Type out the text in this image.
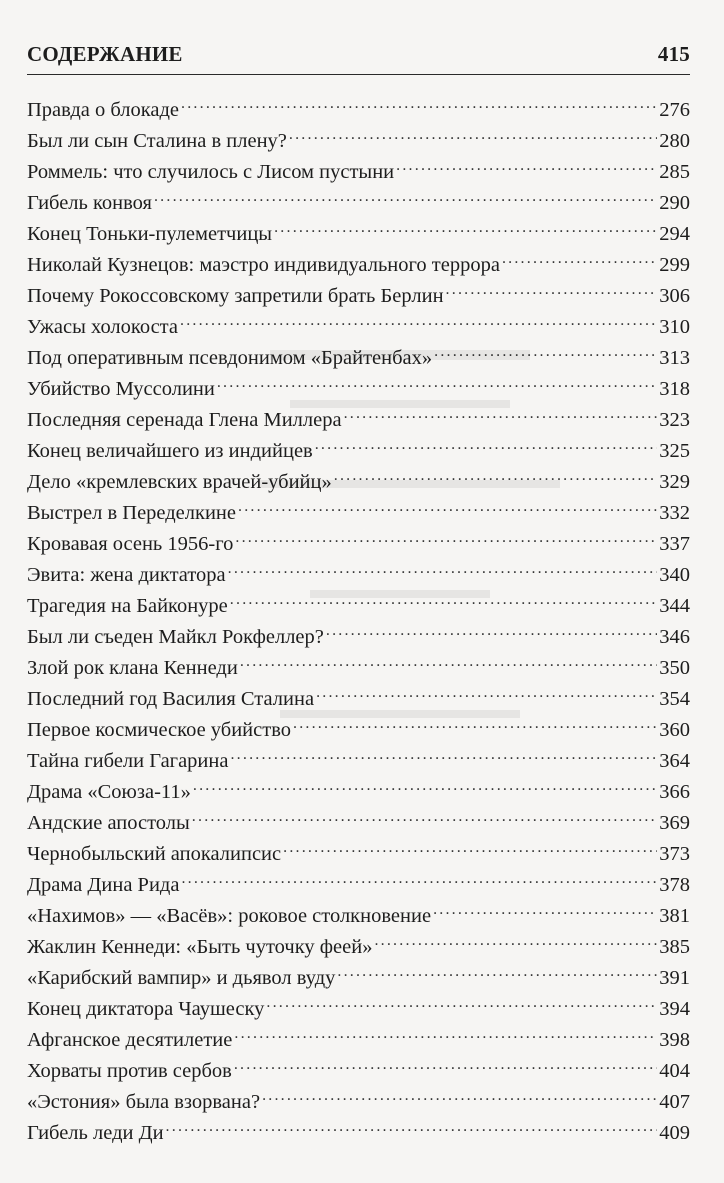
СОДЕРЖАНИЕ	415
Правда о блокаде .....	276
Был ли сын Сталина в плену? .....	280
Роммель: что случилось с Лисом пустыни .....	285
Гибель конвоя .....	290
Конец Тоньки-пулеметчицы .....	294
Николай Кузнецов: маэстро индивидуального террора .....	299
Почему Рокоссовскому запретили брать Берлин .....	306
Ужасы холокоста .....	310
Под оперативным псевдонимом «Брайтенбах» .....	313
Убийство Муссолини .....	318
Последняя серенада Глена Миллера .....	323
Конец величайшего из индийцев .....	325
Дело «кремлевских врачей-убийц» .....	329
Выстрел в Переделкине .....	332
Кровавая осень 1956-го .....	337
Эвита: жена диктатора .....	340
Трагедия на Байконуре .....	344
Был ли съеден Майкл Рокфеллер? .....	346
Злой рок клана Кеннеди .....	350
Последний год Василия Сталина .....	354
Первое космическое убийство .....	360
Тайна гибели Гагарина .....	364
Драма «Союза-11» .....	366
Андские апостолы .....	369
Чернобыльский апокалипсис .....	373
Драма Дина Рида .....	378
«Нахимов» — «Васёв»: роковое столкновение .....	381
Жаклин Кеннеди: «Быть чуточку феей» .....	385
«Карибский вампир» и дьявол вуду .....	391
Конец диктатора Чаушеску .....	394
Афганское десятилетие .....	398
Хорваты против сербов .....	404
«Эстония» была взорвана? .....	407
Гибель леди Ди .....	409
